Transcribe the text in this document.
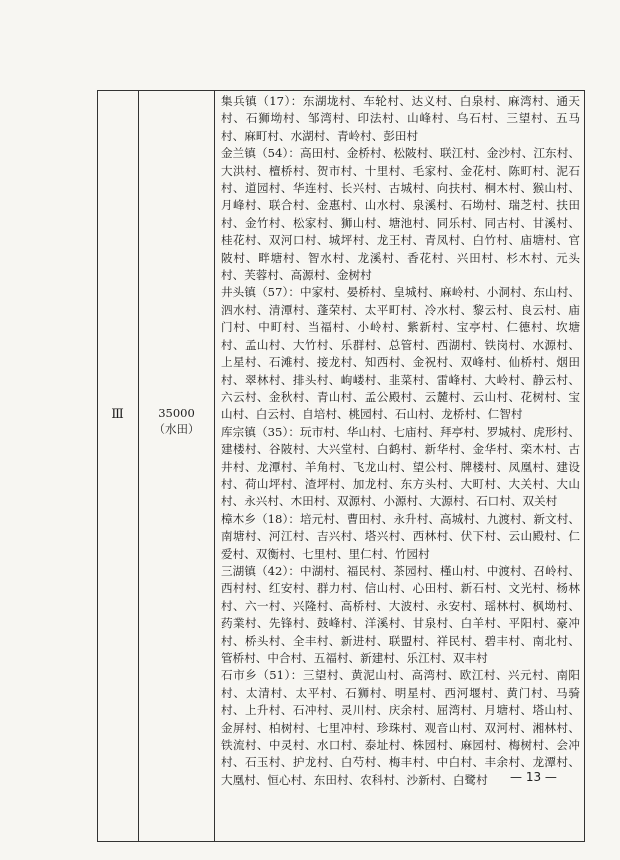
Ⅲ	35000
（水田）

集兵镇（17）：东湖垅村、车轮村、达义村、白泉村、麻湾村、通天村、石狮坳村、邹湾村、印法村、山峰村、乌石村、三望村、五马村、麻町村、水湖村、青岭村、彭田村

金兰镇（54）：高田村、金桥村、松陂村、联江村、金沙村、江东村、大洪村、檀桥村、贺市村、十里村、毛家村、金花村、陈町村、泥石村、道园村、华连村、长兴村、古城村、向扶村、桐木村、猴山村、月峰村、联合村、金惠村、山水村、泉溪村、石坳村、瑞芝村、扶田村、金竹村、松家村、狮山村、塘池村、同乐村、同古村、甘溪村、桂花村、双河口村、城坪村、龙王村、青凤村、白竹村、庙塘村、官陂村、畔塘村、智水村、龙溪村、香花村、兴田村、杉木村、元头村、芙蓉村、高源村、金树村

井头镇（57）：中家村、晏桥村、皇城村、麻岭村、小洞村、东山村、泗水村、清潭村、蓬荣村、太平町村、冷水村、黎云村、良云村、庙门村、中町村、当福村、小岭村、紫新村、宝亭村、仁德村、坎塘村、孟山村、大竹村、乐群村、总管村、西湖村、铁岗村、水源村、上星村、石滩村、接龙村、知西村、金祝村、双峰村、仙桥村、烟田村、翠林村、排头村、岣嵝村、韭菜村、雷峰村、大岭村、静云村、六云村、金秋村、青山村、孟公殿村、云麓村、云山村、花树村、宝山村、白云村、自培村、桃园村、石山村、龙桥村、仁智村

库宗镇（35）：玩市村、华山村、七庙村、拜亭村、罗城村、虎形村、建楼村、谷陂村、大兴堂村、白鹤村、新华村、金华村、栾木村、古井村、龙潭村、羊角村、飞龙山村、望公村、牌楼村、凤凰村、建设村、荷山坪村、渣坪村、加龙村、东方头村、大町村、大关村、大山村、永兴村、木田村、双源村、小源村、大源村、石口村、双关村

樟木乡（18）：培元村、曹田村、永升村、高城村、九渡村、新文村、南塘村、河江村、吉兴村、塔兴村、西林村、伏下村、云山殿村、仁爱村、双衡村、七里村、里仁村、竹园村

三湖镇（42）：中湖村、福民村、茶园村、槿山村、中渡村、召岭村、西村村、红安村、群力村、信山村、心田村、新石村、文光村、杨林村、六一村、兴隆村、高桥村、大波村、永安村、瑶林村、枫坳村、药業村、先锋村、鼓峰村、洋溪村、甘泉村、白羊村、平阳村、豪冲村、桥头村、全丰村、新进村、联盟村、祥民村、碧丰村、南北村、管桥村、中合村、五福村、新建村、乐江村、双丰村

石市乡（51）：三望村、黄泥山村、高湾村、欧江村、兴元村、南阳村、太清村、太平村、石狮村、明星村、西河堰村、黄门村、马骑村、上升村、石冲村、灵川村、庆余村、屈湾村、月塘村、塔山村、金屏村、柏树村、七里冲村、珍珠村、观音山村、双河村、湘林村、铁流村、中灵村、水口村、泰址村、株园村、麻园村、梅树村、会冲村、石玉村、护龙村、白芍村、梅丰村、中白村、丰余村、龙潭村、大凰村、恒心村、东田村、农科村、沙新村、白鹭村	— 13 —
